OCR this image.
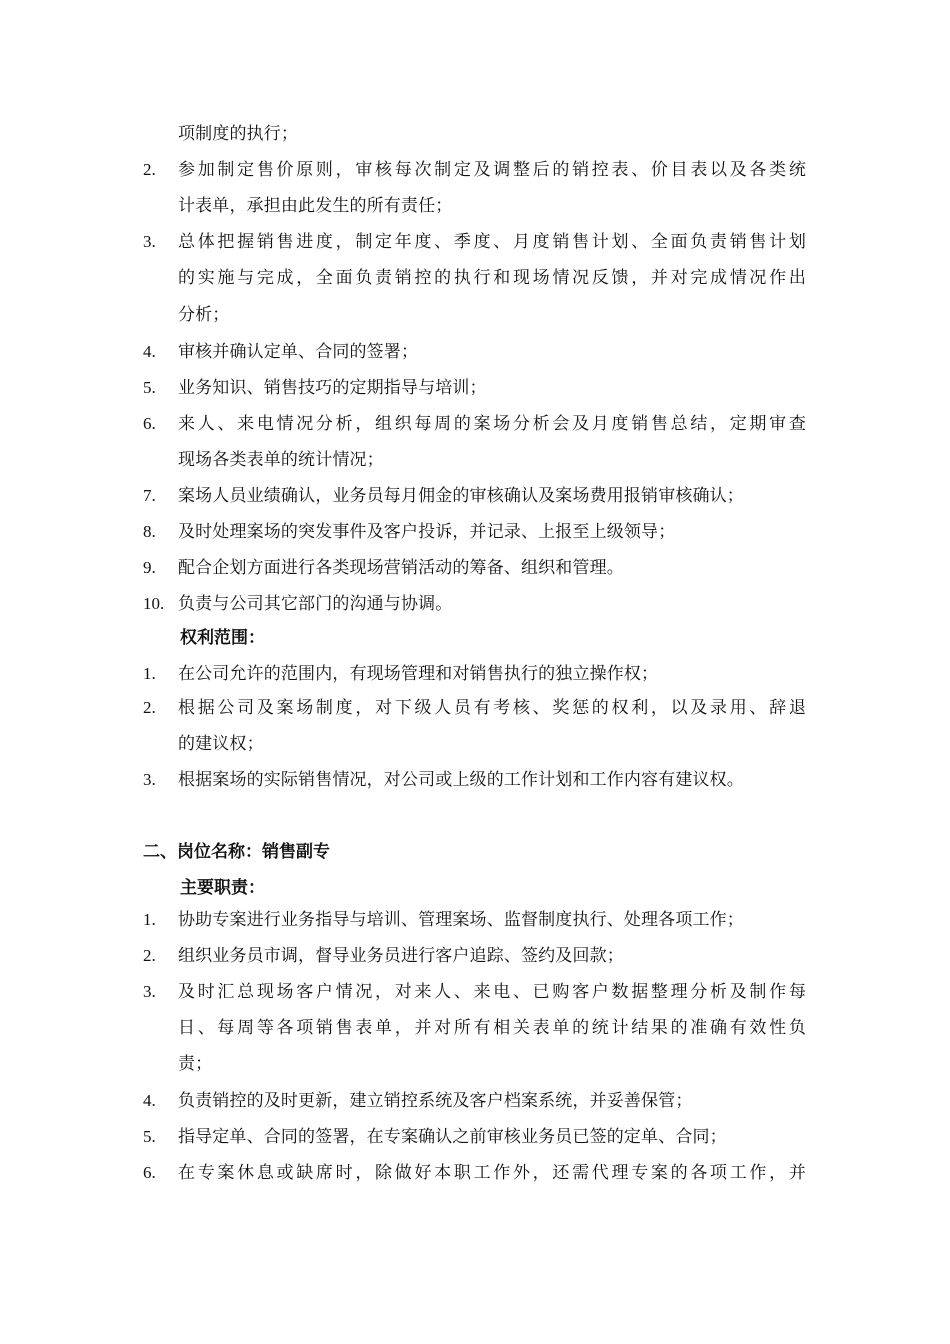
项制度的执行；
2. 参加制定售价原则，审核每次制定及调整后的销控表、价目表以及各类统
计表单，承担由此发生的所有责任；
3. 总体把握销售进度，制定年度、季度、月度销售计划、全面负责销售计划
的实施与完成，全面负责销控的执行和现场情况反馈，并对完成情况作出
分析；
4. 审核并确认定单、合同的签署；
5. 业务知识、销售技巧的定期指导与培训；
6. 来人、来电情况分析，组织每周的案场分析会及月度销售总结，定期审查
现场各类表单的统计情况；
7. 案场人员业绩确认，业务员每月佣金的审核确认及案场费用报销审核确认；
8. 及时处理案场的突发事件及客户投诉，并记录、上报至上级领导；
9. 配合企划方面进行各类现场营销活动的筹备、组织和管理。
10. 负责与公司其它部门的沟通与协调。
权利范围：
1. 在公司允许的范围内，有现场管理和对销售执行的独立操作权；
2. 根据公司及案场制度，对下级人员有考核、奖惩的权利，以及录用、辞退
的建议权；
3. 根据案场的实际销售情况，对公司或上级的工作计划和工作内容有建议权。
二、岗位名称：销售副专
主要职责：
1. 协助专案进行业务指导与培训、管理案场、监督制度执行、处理各项工作；
2. 组织业务员市调，督导业务员进行客户追踪、签约及回款；
3. 及时汇总现场客户情况，对来人、来电、已购客户数据整理分析及制作每
日、每周等各项销售表单，并对所有相关表单的统计结果的准确有效性负
责；
4. 负责销控的及时更新，建立销控系统及客户档案系统，并妥善保管；
5. 指导定单、合同的签署，在专案确认之前审核业务员已签的定单、合同；
6. 在专案休息或缺席时，除做好本职工作外，还需代理专案的各项工作，并
